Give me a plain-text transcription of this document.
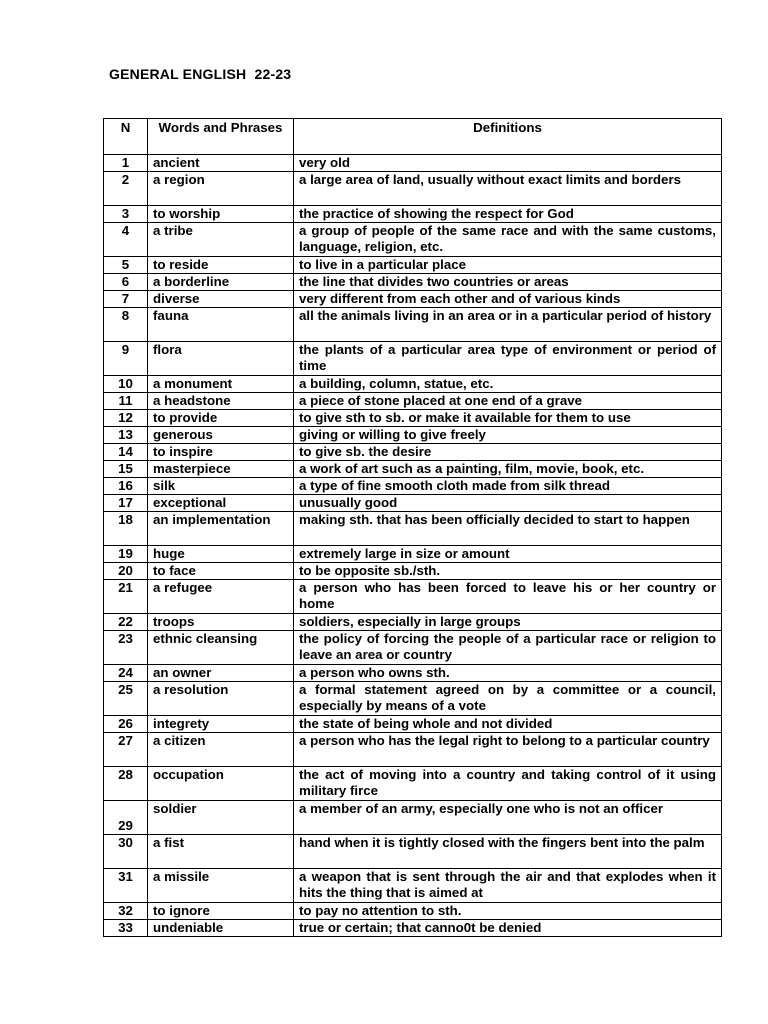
GENERAL ENGLISH  22-23
N	Words and Phrases	Definitions
1	ancient	very old
2	a region	a large area of land, usually without exact limits and borders
3	to worship	the practice of showing the respect for God
4	a tribe	a group of people of the same race and with the same customs, language, religion, etc.
5	to reside	to live in a particular place
6	a borderline	the line that divides two countries or areas
7	diverse	very different from each other and of various kinds
8	fauna	all the animals living in an area or in a particular period of history
9	flora	the plants of a particular area type of environment or period of time
10	a monument	a building, column, statue, etc.
11	a headstone	a piece of stone placed at one end of a grave
12	to provide	to give sth to sb. or make it available for them to use
13	generous	giving or willing to give freely
14	to inspire	to give sb. the desire
15	masterpiece	a work of art such as a painting, film, movie, book, etc.
16	silk	a type of fine smooth cloth made from silk thread
17	exceptional	unusually good
18	an implementation	making sth. that has been officially decided to start to happen
19	huge	extremely large in size or amount
20	to face	to be opposite sb./sth.
21	a refugee	a person who has been forced to leave his or her country or home
22	troops	soldiers, especially in large groups
23	ethnic cleansing	the policy of forcing the people of a particular race or religion to leave an area or country
24	an owner	a person who owns sth.
25	a resolution	a formal statement agreed on by a committee or a council, especially by means of a vote
26	integrety	the state of being whole and not divided
27	a citizen	a person who has the legal right to belong to a particular country
28	occupation	the act of moving into a country and taking control of it using military firce
29	soldier	a member of an army, especially one who is not an officer
30	a fist	hand when it is tightly closed with the fingers bent into the palm
31	a missile	a weapon that is sent through the air and that explodes when it hits the thing that is aimed at
32	to ignore	to pay no attention to sth.
33	undeniable	true or certain; that canno0t be denied
